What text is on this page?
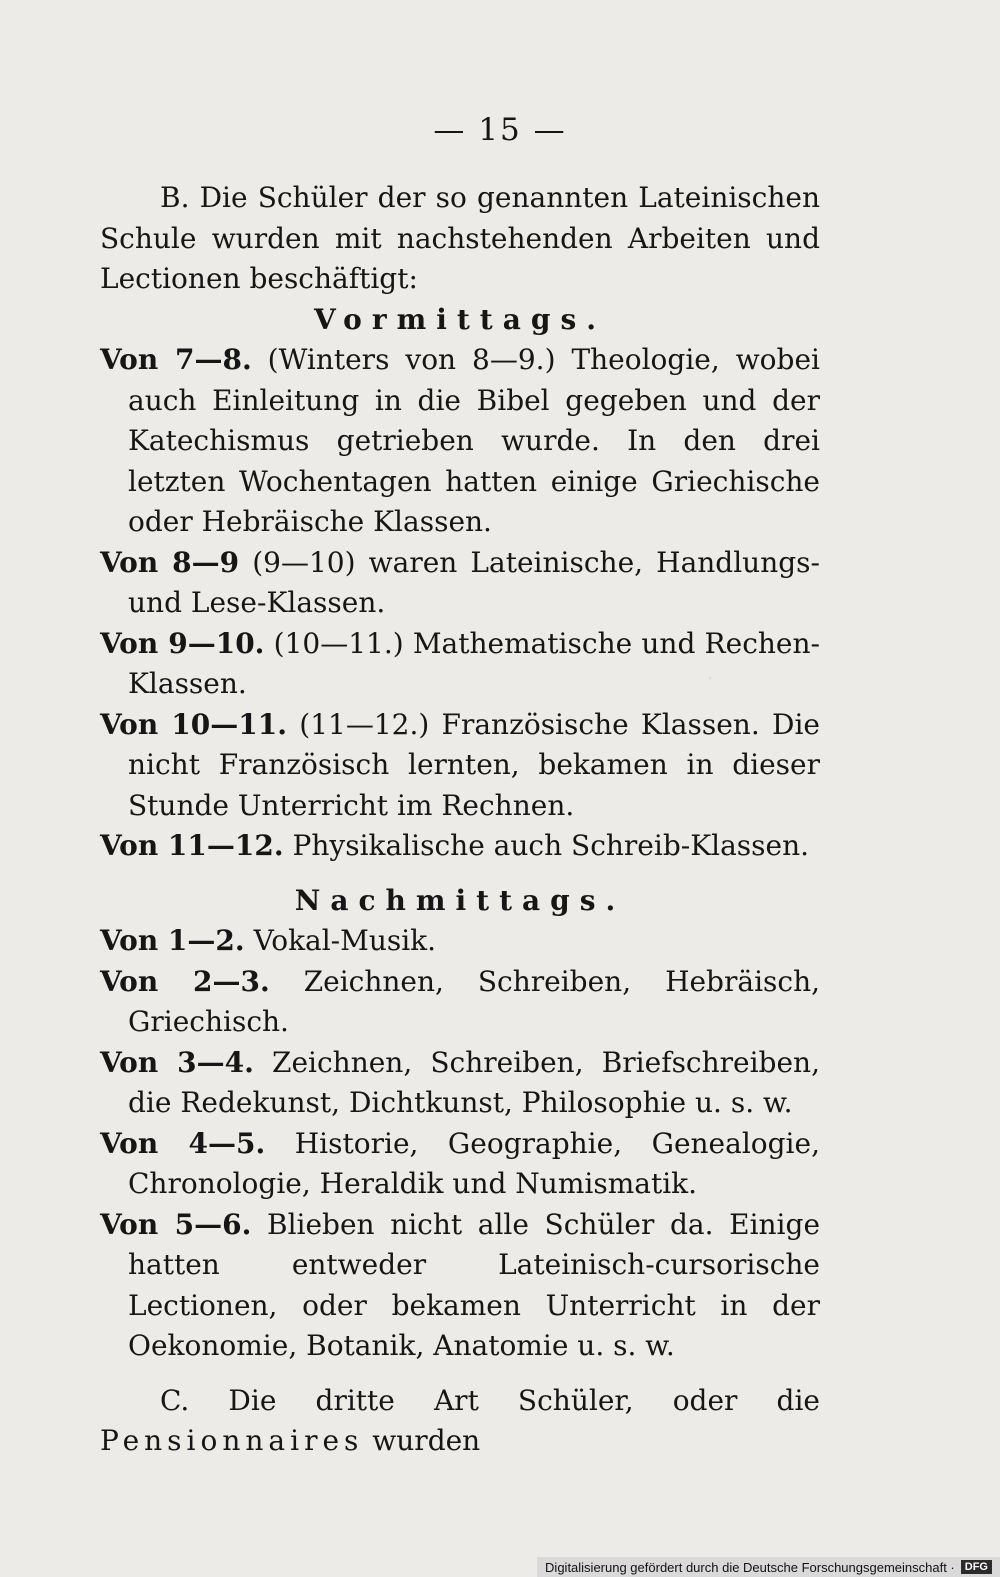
— 15 —

B. Die Schüler der so genannten Lateinischen Schule wurden mit nachstehenden Arbeiten und Lectionen beschäftigt:

Vormittags.

Von 7—8. (Winters von 8—9.) Theologie, wobei auch Einleitung in die Bibel gegeben und der Katechismus getrieben wurde. In den drei letzten Wochentagen hatten einige Griechische oder Hebräische Klassen.

Von 8—9 (9—10) waren Lateinische, Handlungs- und Lese-Klassen.

Von 9—10. (10—11.) Mathematische und Rechen-Klassen.

Von 10—11. (11—12.) Französische Klassen. Die nicht Französisch lernten, bekamen in dieser Stunde Unterricht im Rechnen.

Von 11—12. Physikalische auch Schreib-Klassen.

Nachmittags.

Von 1—2. Vokal-Musik.

Von 2—3. Zeichnen, Schreiben, Hebräisch, Griechisch.

Von 3—4. Zeichnen, Schreiben, Briefschreiben, die Redekunst, Dichtkunst, Philosophie u. s. w.

Von 4—5. Historie, Geographie, Genealogie, Chronologie, Heraldik und Numismatik.

Von 5—6. Blieben nicht alle Schüler da. Einige hatten entweder Lateinisch-cursorische Lectionen, oder bekamen Unterricht in der Oekonomie, Botanik, Anatomie u. s. w.

C. Die dritte Art Schüler, oder die Pensionnaires wurden

Digitalisierung gefördert durch die Deutsche Forschungsgemeinschaft · DFG
